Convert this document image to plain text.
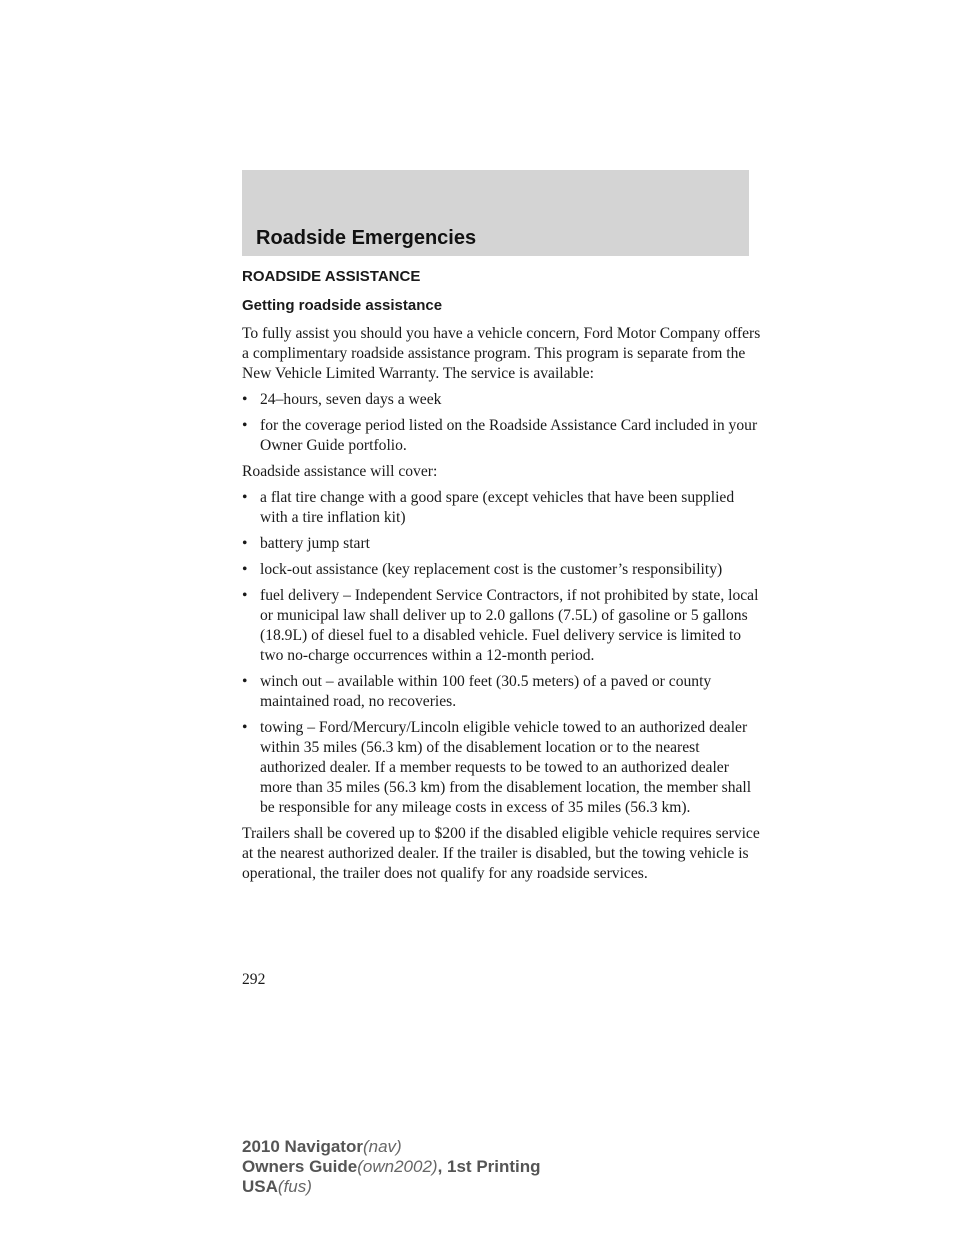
Roadside Emergencies
ROADSIDE ASSISTANCE
Getting roadside assistance

To fully assist you should you have a vehicle concern, Ford Motor Company offers a complimentary roadside assistance program. This program is separate from the New Vehicle Limited Warranty. The service is available:

• 24–hours, seven days a week
• for the coverage period listed on the Roadside Assistance Card included in your Owner Guide portfolio.

Roadside assistance will cover:

• a flat tire change with a good spare (except vehicles that have been supplied with a tire inflation kit)
• battery jump start
• lock-out assistance (key replacement cost is the customer’s responsibility)
• fuel delivery – Independent Service Contractors, if not prohibited by state, local or municipal law shall deliver up to 2.0 gallons (7.5L) of gasoline or 5 gallons (18.9L) of diesel fuel to a disabled vehicle. Fuel delivery service is limited to two no-charge occurrences within a 12-month period.
• winch out – available within 100 feet (30.5 meters) of a paved or county maintained road, no recoveries.
• towing – Ford/Mercury/Lincoln eligible vehicle towed to an authorized dealer within 35 miles (56.3 km) of the disablement location or to the nearest authorized dealer. If a member requests to be towed to an authorized dealer more than 35 miles (56.3 km) from the disablement location, the member shall be responsible for any mileage costs in excess of 35 miles (56.3 km).

Trailers shall be covered up to $200 if the disabled eligible vehicle requires service at the nearest authorized dealer. If the trailer is disabled, but the towing vehicle is operational, the trailer does not qualify for any roadside services.

292

2010 Navigator(nav)
Owners Guide(own2002), 1st Printing
USA(fus)
